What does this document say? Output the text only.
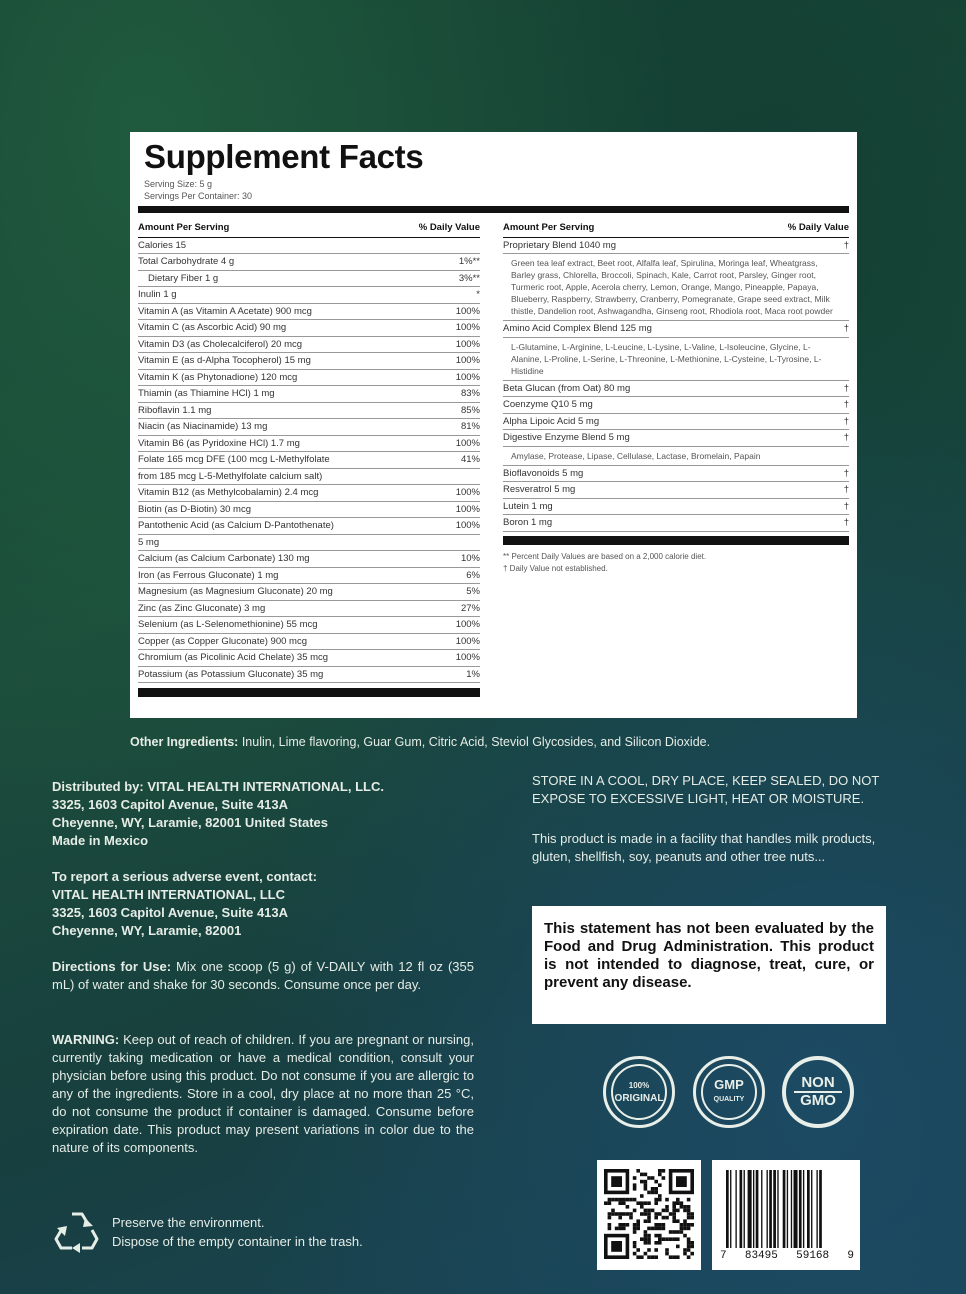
Supplement Facts
Serving Size: 5 g
Servings Per Container: 30
Amount Per Serving	% Daily Value
Calories 15
Total Carbohydrate 4 g	1%**
Dietary Fiber 1 g	3%**
Inulin 1 g	*
Vitamin A (as Vitamin A Acetate) 900 mcg	100%
Vitamin C (as Ascorbic Acid) 90 mg	100%
Vitamin D3 (as Cholecalciferol) 20 mcg	100%
Vitamin E (as d-Alpha Tocopherol) 15 mg	100%
Vitamin K (as Phytonadione) 120 mcg	100%
Thiamin (as Thiamine HCl) 1 mg	83%
Riboflavin 1.1 mg	85%
Niacin (as Niacinamide) 13 mg	81%
Vitamin B6 (as Pyridoxine HCl) 1.7 mg	100%
Folate 165 mcg DFE (100 mcg L-Methylfolate	41%
from 185 mcg L-5-Methylfolate calcium salt)
Vitamin B12 (as Methylcobalamin) 2.4 mcg	100%
Biotin (as D-Biotin) 30 mcg	100%
Pantothenic Acid (as Calcium D-Pantothenate)	100%
5 mg
Calcium (as Calcium Carbonate) 130 mg	10%
Iron (as Ferrous Gluconate) 1 mg	6%
Magnesium (as Magnesium Gluconate) 20 mg	5%
Zinc (as Zinc Gluconate) 3 mg	27%
Selenium (as L-Selenomethionine) 55 mcg	100%
Copper (as Copper Gluconate) 900 mcg	100%
Chromium (as Picolinic Acid Chelate) 35 mcg	100%
Potassium (as Potassium Gluconate) 35 mg	1%
Amount Per Serving	% Daily Value
Proprietary Blend 1040 mg	†
Green tea leaf extract, Beet root, Alfalfa leaf, Spirulina, Moringa leaf, Wheatgrass, Barley grass, Chlorella, Broccoli, Spinach, Kale, Carrot root, Parsley, Ginger root, Turmeric root, Apple, Acerola cherry, Lemon, Orange, Mango, Pineapple, Papaya, Blueberry, Raspberry, Strawberry, Cranberry, Pomegranate, Grape seed extract, Milk thistle, Dandelion root, Ashwagandha, Ginseng root, Rhodiola root, Maca root powder
Amino Acid Complex Blend 125 mg	†
L-Glutamine, L-Arginine, L-Leucine, L-Lysine, L-Valine, L-Isoleucine, Glycine, L-Alanine, L-Proline, L-Serine, L-Threonine, L-Methionine, L-Cysteine, L-Tyrosine, L-Histidine
Beta Glucan (from Oat) 80 mg	†
Coenzyme Q10 5 mg	†
Alpha Lipoic Acid 5 mg	†
Digestive Enzyme Blend 5 mg	†
Amylase, Protease, Lipase, Cellulase, Lactase, Bromelain, Papain
Bioflavonoids 5 mg	†
Resveratrol 5 mg	†
Lutein 1 mg	†
Boron 1 mg	†
** Percent Daily Values are based on a 2,000 calorie diet.
† Daily Value not established.
Other Ingredients: Inulin, Lime flavoring, Guar Gum, Citric Acid, Steviol Glycosides, and Silicon Dioxide.

Distributed by: VITAL HEALTH INTERNATIONAL, LLC.

3325, 1603 Capitol Avenue, Suite 413A

Cheyenne, WY, Laramie, 82001 United States

Made in Mexico

To report a serious adverse event, contact:

VITAL HEALTH INTERNATIONAL, LLC

3325, 1603 Capitol Avenue, Suite 413A

Cheyenne, WY, Laramie, 82001

Directions for Use: Mix one scoop (5 g) of V-DAILY with 12 fl oz (355 mL) of water and shake for 30 seconds. Consume once per day.

WARNING: Keep out of reach of children. If you are pregnant or nursing, currently taking medication or have a medical condition, consult your physician before using this product. Do not consume if you are allergic to any of the ingredients. Store in a cool, dry place at no more than 25 °C, do not consume the product if container is damaged. Consume before expiration date. This product may present variations in color due to the nature of its components.

Preserve the environment.
Dispose of the empty container in the trash.
STORE IN A COOL, DRY PLACE, KEEP SEALED, DO NOT EXPOSE TO EXCESSIVE LIGHT, HEAT OR MOISTURE.
This product is made in a facility that handles milk products, gluten, shellfish, soy, peanuts and other tree nuts...
This statement has not been evaluated by the Food and Drug Administration. This product is not intended to diagnose, treat, cure, or prevent any disease.
100%
ORIGINAL
GMP
QUALITY
NON
GMO
7 83495 59168 9
